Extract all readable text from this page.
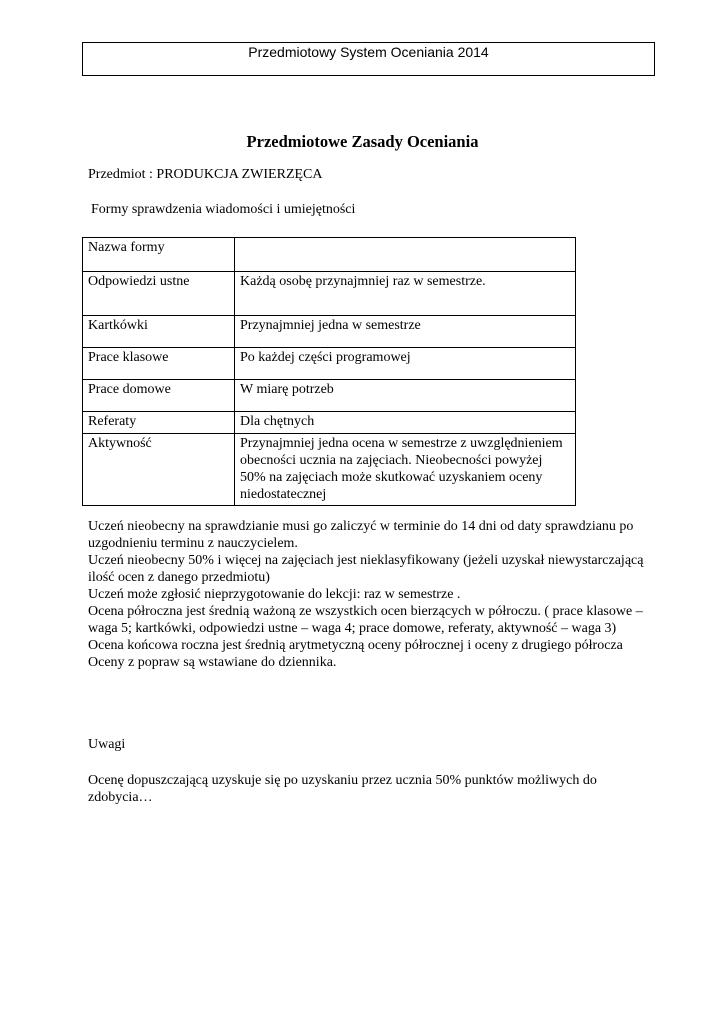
Przedmiotowy System Oceniania 2014
Przedmiotowe Zasady Oceniania
Przedmiot : PRODUKCJA ZWIERZĘCA
Formy sprawdzenia wiadomości i umiejętności
Nazwa formy	
Odpowiedzi ustne	Każdą osobę przynajmniej raz w semestrze.
Kartkówki	Przynajmniej jedna w semestrze
Prace klasowe	Po każdej części programowej
Prace domowe	W miarę potrzeb
Referaty	Dla chętnych
Aktywność	Przynajmniej jedna ocena w semestrze z uwzględnieniem obecności ucznia na zajęciach. Nieobecności powyżej 50% na zajęciach może skutkować uzyskaniem oceny niedostatecznej

Uczeń nieobecny na sprawdzianie musi go zaliczyć w terminie do 14 dni od daty sprawdzianu po uzgodnieniu terminu z nauczycielem.

Uczeń nieobecny 50% i więcej na zajęciach jest nieklasyfikowany (jeżeli uzyskał niewystarczającą ilość ocen z danego przedmiotu)

Uczeń może zgłosić nieprzygotowanie do lekcji: raz w semestrze .

Ocena półroczna jest średnią ważoną ze wszystkich ocen bierzących w półroczu. ( prace klasowe – waga 5; kartkówki, odpowiedzi ustne – waga 4; prace domowe, referaty, aktywność – waga 3)

Ocena końcowa roczna jest średnią arytmetyczną oceny półrocznej i oceny z drugiego półrocza

Oceny z popraw są wstawiane do dziennika.

Uwagi
Ocenę dopuszczającą uzyskuje się po uzyskaniu przez ucznia 50% punktów możliwych do zdobycia…
